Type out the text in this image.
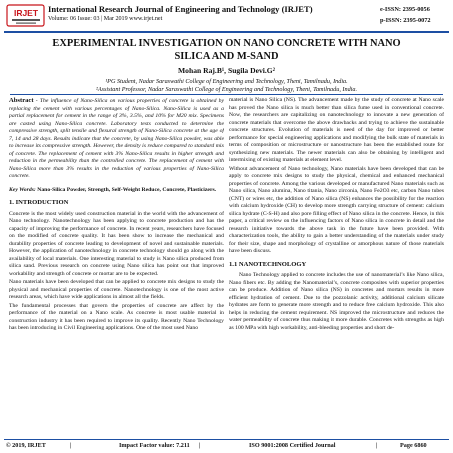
IRJET International Research Journal of Engineering and Technology (IRJET)
Volume: 06 Issue: 03 | Mar 2019 www.irjet.net
e-ISSN: 2395-0056
p-ISSN: 2395-0072
EXPERIMENTAL INVESTIGATION ON NANO CONCRETE WITH NANO
SILICA AND M-SAND
Mohan Raj.B¹, Sugila Devi.G²
¹PG Student, Nadar Saraswathi College of Engineering and Technology, Theni, Tamilnadu, India.
²Assistant Professor, Nadar Saraswathi College of Engineering and Technology, Theni, Tamilnadu, India.

Abstract - The influence of Nano-Silica on various properties of concrete is obtained by replacing the cement with various percentages of Nano-Silica. Nano-Silica is used as a partial replacement for cement in the range of 3%, 3.5%, and 10% for M20 mix. Specimens are casted using Nano-Silica concrete. Laboratory tests conducted to determine the compressive strength, split tensile and flexural strength of Nano-Silica concrete at the age of 7, 14 and 28 days. Results indicate that the concrete, by using Nano-Silica powder, was able to increase its compressive strength. However, the density is reduce compared to standard mix of concrete. The replacement of cement with 3% Nano-Silica results in higher strength and reduction in the permeability than the controlled concrete. The replacement of cement with Nano-Silica more than 3% results in the reduction of various properties of Nano-Silica concrete.

Key Words: Nano-Silica Powder, Strength, Self-Weight Reduce, Concrete, Plasticizers.

1. INTRODUCTION

Concrete is the most widely used construction material in the world with the advancement of Nano technology. Nanotechnology has been applying to concrete production and has the capacity of improving the performance of concrete. In recent years, researchers have focused on the modified of concrete quality. It has been show to increase the mechanical and durability properties of concrete leading to development of novel and sustainable materials. However, the application of nanotechnology in concrete technology should go along with the availability of local materials. One interesting material to study is Nano silica produced from silica sand. Previous research on concrete using Nano silica has point out that improved workability and strength of concrete or mortar are to be expected.

Nano materials have been developed that can be applied to concrete mix designs to study the physical and mechanical properties of concrete. Nanotechnology is one of the most active research areas, which have wide applications in almost all the fields.

The fundamental processes that govern the properties of concrete are affect by the performance of the material on a Nano scale. As concrete is most usable material in construction industry it has been required to improve its quality. Recently Nano Technology has been introducing in Civil Engineering applications. One of the most used Nano

material is Nano Silica (NS). The advancement made by the study of concrete at Nano scale has proved the Nano silica is much better than silica fume used in conventional concrete. Now, the researchers are capitalizing on nanotechnology to innovate a new generation of concrete materials that overcome the above drawbacks and trying to achieve the sustainable concrete structures. Evolution of materials is need of the day for improved or better performance for special engineering applications and modifying the bulk state of materials in terms of composition or microstructure or nanostructure has been the established route for synthesizing new materials. The newer materials can also be obtaining by intelligent and intermixing of existing materials at element level.

Without advancement of Nano technology, Nano materials have been developed that can be apply to concrete mix designs to study the physical, chemical and enhanced mechanical properties of concrete. Among the various developed or manufactured Nano materials such as Nano silica, Nano alumina, Nano titania, Nano zirconia, Nano Fe2O3 etc, carbon Nano tubes (CNT) or wires etc, the addition of Nano silica (NS) enhances the possibility for the reaction with calcium hydroxide (CH) to develop more strength carrying structure of cement: calcium silica hydrate (C-S-H) and also pore filling effect of Nano silica in the concrete. Hence, in this paper, a critical review on the influencing factors of Nano silica in concrete in detail and the research initiative towards the above task in the future have been provided. With characterization tools, the ability to gain a better understanding of the materials under study for their size, shape and morphology of crystalline or amorphous nature of those materials have been discuss.

1.1 NANOTECHNOLOGY

Nano Technology applied to concrete includes the use of nanomaterial’s like Nano silica, Nano fibers etc. By adding the Nanomaterial’s, concrete composites with superior properties can be produce. Addition of Nano silica (NS) in concretes and mortars results in more efficient hydration of cement. Due to the pozzolanic activity, additional calcium silicate hydrates are form to generate more strength and to reduce free calcium hydroxide. This also helps in reducing the cement requirement. NS improved the microstructure and reduces the water permeability of concrete thus making it more durable. Concretes with strengths as high as 100 MPa with high workability, anti-bleeding properties and short de-

© 2019, IRJET	|	Impact Factor value: 7.211 |	ISO 9001:2008 Certified Journal	|	Page 6860
